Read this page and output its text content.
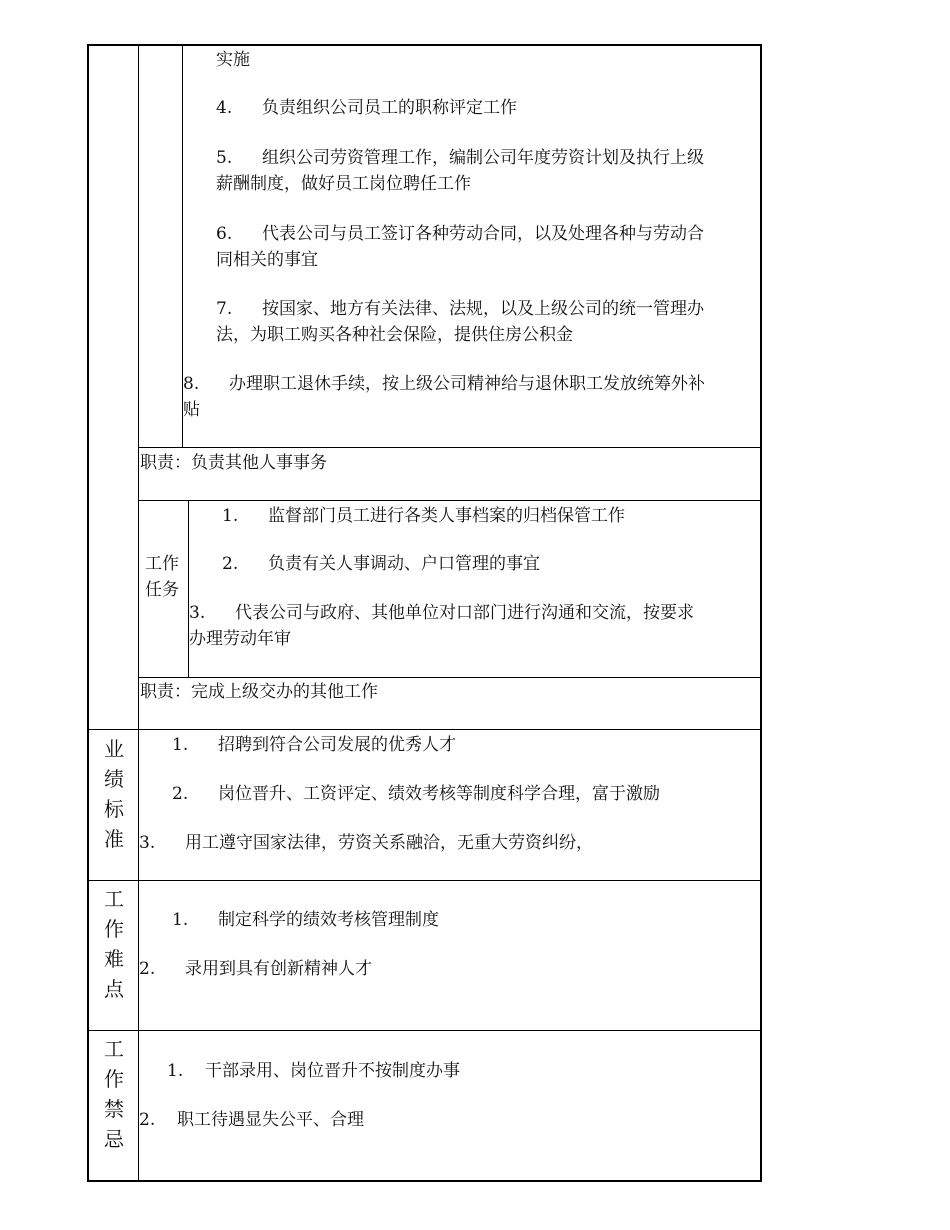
实施
4. 负责组织公司员工的职称评定工作
5. 组织公司劳资管理工作，编制公司年度劳资计划及执行上级
薪酬制度，做好员工岗位聘任工作
6. 代表公司与员工签订各种劳动合同，以及处理各种与劳动合
同相关的事宜
7. 按国家、地方有关法律、法规，以及上级公司的统一管理办
法，为职工购买各种社会保险，提供住房公积金
8. 办理职工退休手续，按上级公司精神给与退休职工发放统筹外补
贴
职责：负责其他人事事务
工作
任务
1. 监督部门员工进行各类人事档案的归档保管工作
2. 负责有关人事调动、户口管理的事宜
3. 代表公司与政府、其他单位对口部门进行沟通和交流，按要求
办理劳动年审
职责：完成上级交办的其他工作
业
绩
标
准
1. 招聘到符合公司发展的优秀人才
2. 岗位晋升、工资评定、绩效考核等制度科学合理，富于激励
3. 用工遵守国家法律，劳资关系融洽，无重大劳资纠纷，
工
作
难
点
1. 制定科学的绩效考核管理制度
2. 录用到具有创新精神人才
工
作
禁
忌
1. 干部录用、岗位晋升不按制度办事
2. 职工待遇显失公平、合理
